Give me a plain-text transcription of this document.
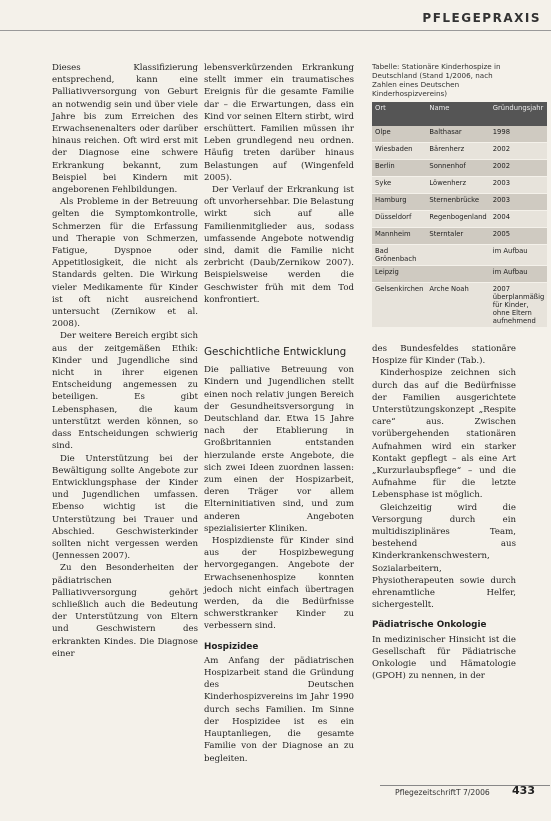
PFLEGEPRAXIS

Dieses Klassifizierung entsprechend, kann eine Palliativversorgung von Geburt an notwendig sein und über viele Jahre bis zum Erreichen des Erwachsenenalters oder darüber hinaus reichen. Oft wird erst mit der Diagnose eine schwere Erkrankung bekannt, zum Beispiel bei Kindern mit angeborenen Fehlbildungen.

Als Probleme in der Betreuung gelten die Symptomkontrolle, Schmerzen für die Erfassung und Therapie von Schmerzen, Fatigue, Dyspnoe oder Appetitlosigkeit, die nicht als Standards gelten. Die Wirkung vieler Medikamente für Kinder ist oft nicht ausreichend untersucht (Zernikow et al. 2008).

Der weitere Bereich ergibt sich aus der zeitgemäßen Ethik: Kinder und Jugendliche sind nicht in ihrer eigenen Entscheidung angemessen zu beteiligen. Es gibt Lebensphasen, die kaum unterstützt werden können, so dass Entscheidungen schwierig sind.

Die Unterstützung bei der Bewältigung sollte Angebote zur Entwicklungsphase der Kinder und Jugendlichen umfassen. Ebenso wichtig ist die Unterstützung bei Trauer und Abschied. Geschwisterkinder sollten nicht vergessen werden (Jennessen 2007).

Zu den Besonderheiten der pädiatrischen Palliativversorgung gehört schließlich auch die Bedeutung der Unterstützung von Eltern und Geschwistern des erkrankten Kindes. Die Diagnose einer

lebensverkürzenden Erkrankung stellt immer ein traumatisches Ereignis für die gesamte Familie dar – die Erwartungen, dass ein Kind vor seinen Eltern stirbt, wird erschüttert. Familien müssen ihr Leben grundlegend neu ordnen. Häufig treten darüber hinaus Belastungen auf (Wingenfeld 2005).

Der Verlauf der Erkrankung ist oft unvorhersehbar. Die Belastung wirkt sich auf alle Familienmitglieder aus, sodass umfassende Angebote notwendig sind, damit die Familie nicht zerbricht (Daub/Zernikow 2007). Beispielsweise werden die Geschwister früh mit dem Tod konfrontiert.

Geschichtliche Entwicklung

Die palliative Betreuung von Kindern und Jugendlichen stellt einen noch relativ jungen Bereich der Gesundheitsversorgung in Deutschland dar. Etwa 15 Jahre nach der Etablierung in Großbritannien entstanden hierzulande erste Angebote, die sich zwei Ideen zuordnen lassen: zum einen der Hospizarbeit, deren Träger vor allem Elterninitiativen sind, und zum anderen Angeboten spezialisierter Kliniken.

Hospizdienste für Kinder sind aus der Hospizbewegung hervorgegangen. Angebote der Erwachsenenhospize konnten jedoch nicht einfach übertragen werden, da die Bedürfnisse schwerstkranker Kinder zu verbessern sind.

Hospizidee

Am Anfang der pädiatrischen Hospizarbeit stand die Gründung des Deutschen Kinderhospizvereins im Jahr 1990 durch sechs Familien. Im Sinne der Hospizidee ist es ein Hauptanliegen, die gesamte Familie von der Diagnose an zu begleiten.

Tabelle: Stationäre Kinderhospize in Deutschland (Stand 1/2006, nach Zahlen eines Deutschen Kinderhospizvereins)
Ort	Name	Gründungsjahr
Olpe	Balthasar	1998
Wiesbaden	Bärenherz	2002
Berlin	Sonnenhof	2002
Syke	Löwenherz	2003
Hamburg	Sternenbrücke	2003
Düsseldorf	Regenbogenland	2004
Mannheim	Sterntaler	2005
Bad Grönenbach		im Aufbau
Leipzig		im Aufbau
Gelsenkirchen	Arche Noah	2007 überplanmäßig für Kinder, ohne Eltern aufnehmend

des Bundesfeldes stationäre Hospize für Kinder (Tab.).

Kinderhospize zeichnen sich durch das auf die Bedürfnisse der Familien ausgerichtete Unterstützungskonzept „Respite care“ aus. Zwischen vorübergehenden stationären Aufnahmen wird ein starker Kontakt gepflegt – als eine Art „Kurzurlaubspflege“ – und die Aufnahme für die letzte Lebensphase ist möglich.

Gleichzeitig wird die Versorgung durch ein multidisziplinäres Team, bestehend aus Kinderkrankenschwestern, Sozialarbeitern, Physiotherapeuten sowie durch ehrenamtliche Helfer, sichergestellt.

Pädiatrische Onkologie

In medizinischer Hinsicht ist die Gesellschaft für Pädiatrische Onkologie und Hämatologie (GPOH) zu nennen, in der

PflegezeitschriftT 7/2006 433
